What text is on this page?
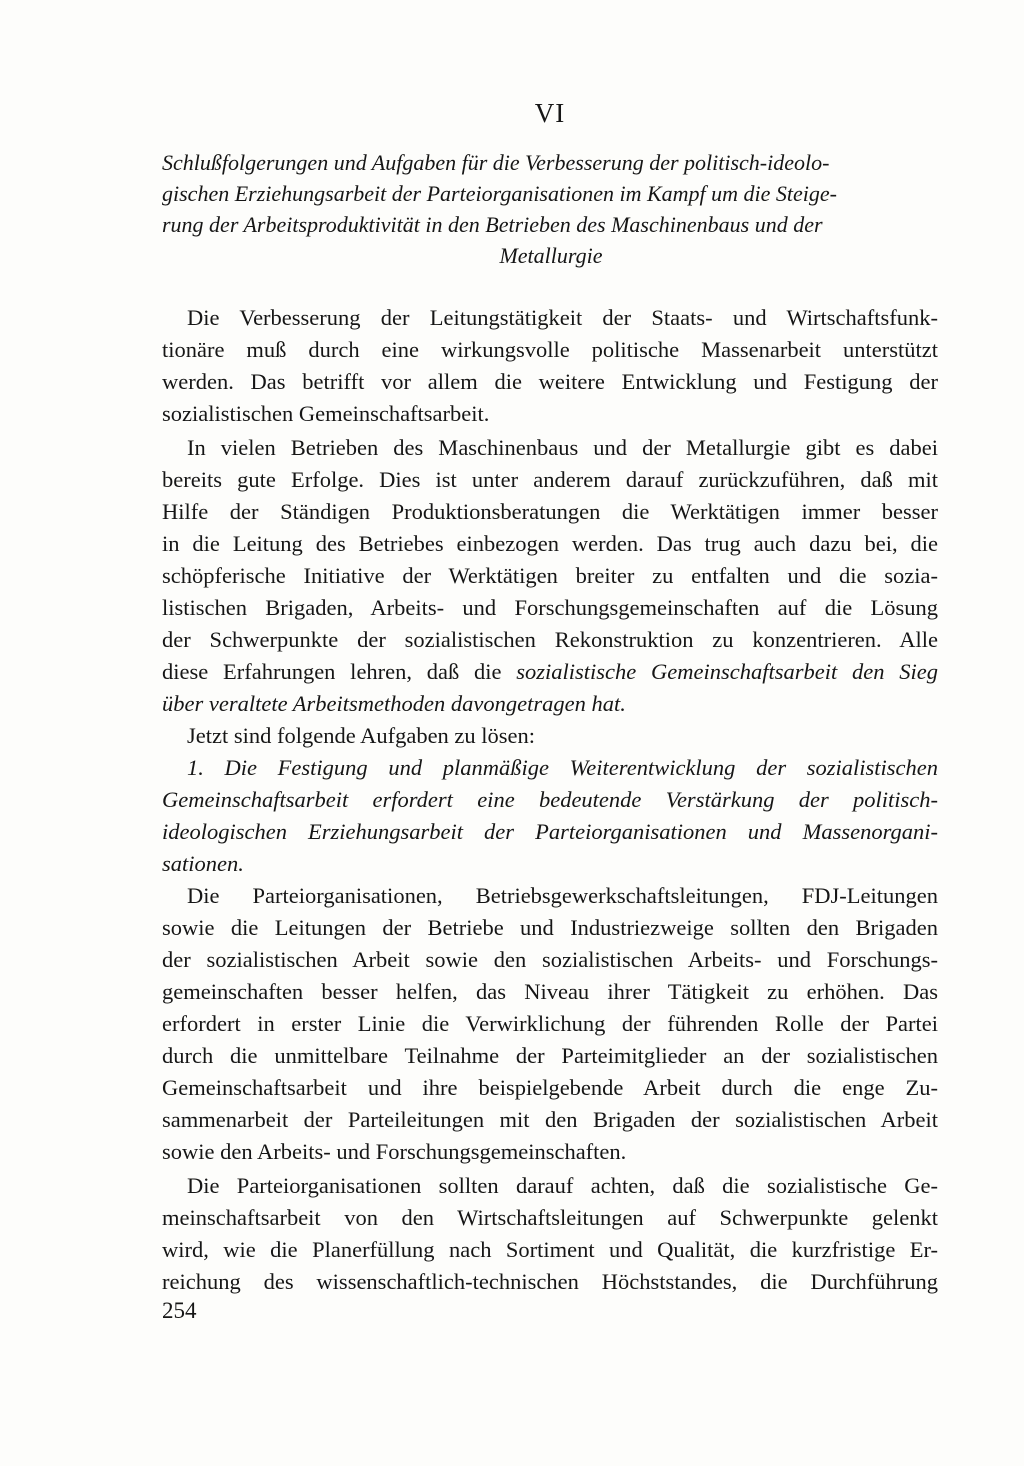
VI
Schlußfolgerungen und Aufgaben für die Verbesserung der politisch-ideolo-
gischen Erziehungsarbeit der Parteiorganisationen im Kampf um die Steige-
rung der Arbeitsproduktivität in den Betrieben des Maschinenbaus und der
Metallurgie
Die Verbesserung der Leitungstätigkeit der Staats- und Wirtschaftsfunk-
tionäre muß durch eine wirkungsvolle politische Massenarbeit unterstützt
werden. Das betrifft vor allem die weitere Entwicklung und Festigung der
sozialistischen Gemeinschaftsarbeit.
In vielen Betrieben des Maschinenbaus und der Metallurgie gibt es dabei
bereits gute Erfolge. Dies ist unter anderem darauf zurückzuführen, daß mit
Hilfe der Ständigen Produktionsberatungen die Werktätigen immer besser
in die Leitung des Betriebes einbezogen werden. Das trug auch dazu bei, die
schöpferische Initiative der Werktätigen breiter zu entfalten und die sozia-
listischen Brigaden, Arbeits- und Forschungsgemeinschaften auf die Lösung
der Schwerpunkte der sozialistischen Rekonstruktion zu konzentrieren. Alle
diese Erfahrungen lehren, daß die sozialistische Gemeinschaftsarbeit den Sieg
über veraltete Arbeitsmethoden davongetragen hat.
Jetzt sind folgende Aufgaben zu lösen:
1. Die Festigung und planmäßige Weiterentwicklung der sozialistischen
Gemeinschaftsarbeit erfordert eine bedeutende Verstärkung der politisch-
ideologischen Erziehungsarbeit der Parteiorganisationen und Massenorgani-
sationen.
Die Parteiorganisationen, Betriebsgewerkschaftsleitungen, FDJ-Leitungen
sowie die Leitungen der Betriebe und Industriezweige sollten den Brigaden
der sozialistischen Arbeit sowie den sozialistischen Arbeits- und Forschungs-
gemeinschaften besser helfen, das Niveau ihrer Tätigkeit zu erhöhen. Das
erfordert in erster Linie die Verwirklichung der führenden Rolle der Partei
durch die unmittelbare Teilnahme der Parteimitglieder an der sozialistischen
Gemeinschaftsarbeit und ihre beispielgebende Arbeit durch die enge Zu-
sammenarbeit der Parteileitungen mit den Brigaden der sozialistischen Arbeit
sowie den Arbeits- und Forschungsgemeinschaften.
Die Parteiorganisationen sollten darauf achten, daß die sozialistische Ge-
meinschaftsarbeit von den Wirtschaftsleitungen auf Schwerpunkte gelenkt
wird, wie die Planerfüllung nach Sortiment und Qualität, die kurzfristige Er-
reichung des wissenschaftlich-technischen Höchststandes, die Durchführung
254
